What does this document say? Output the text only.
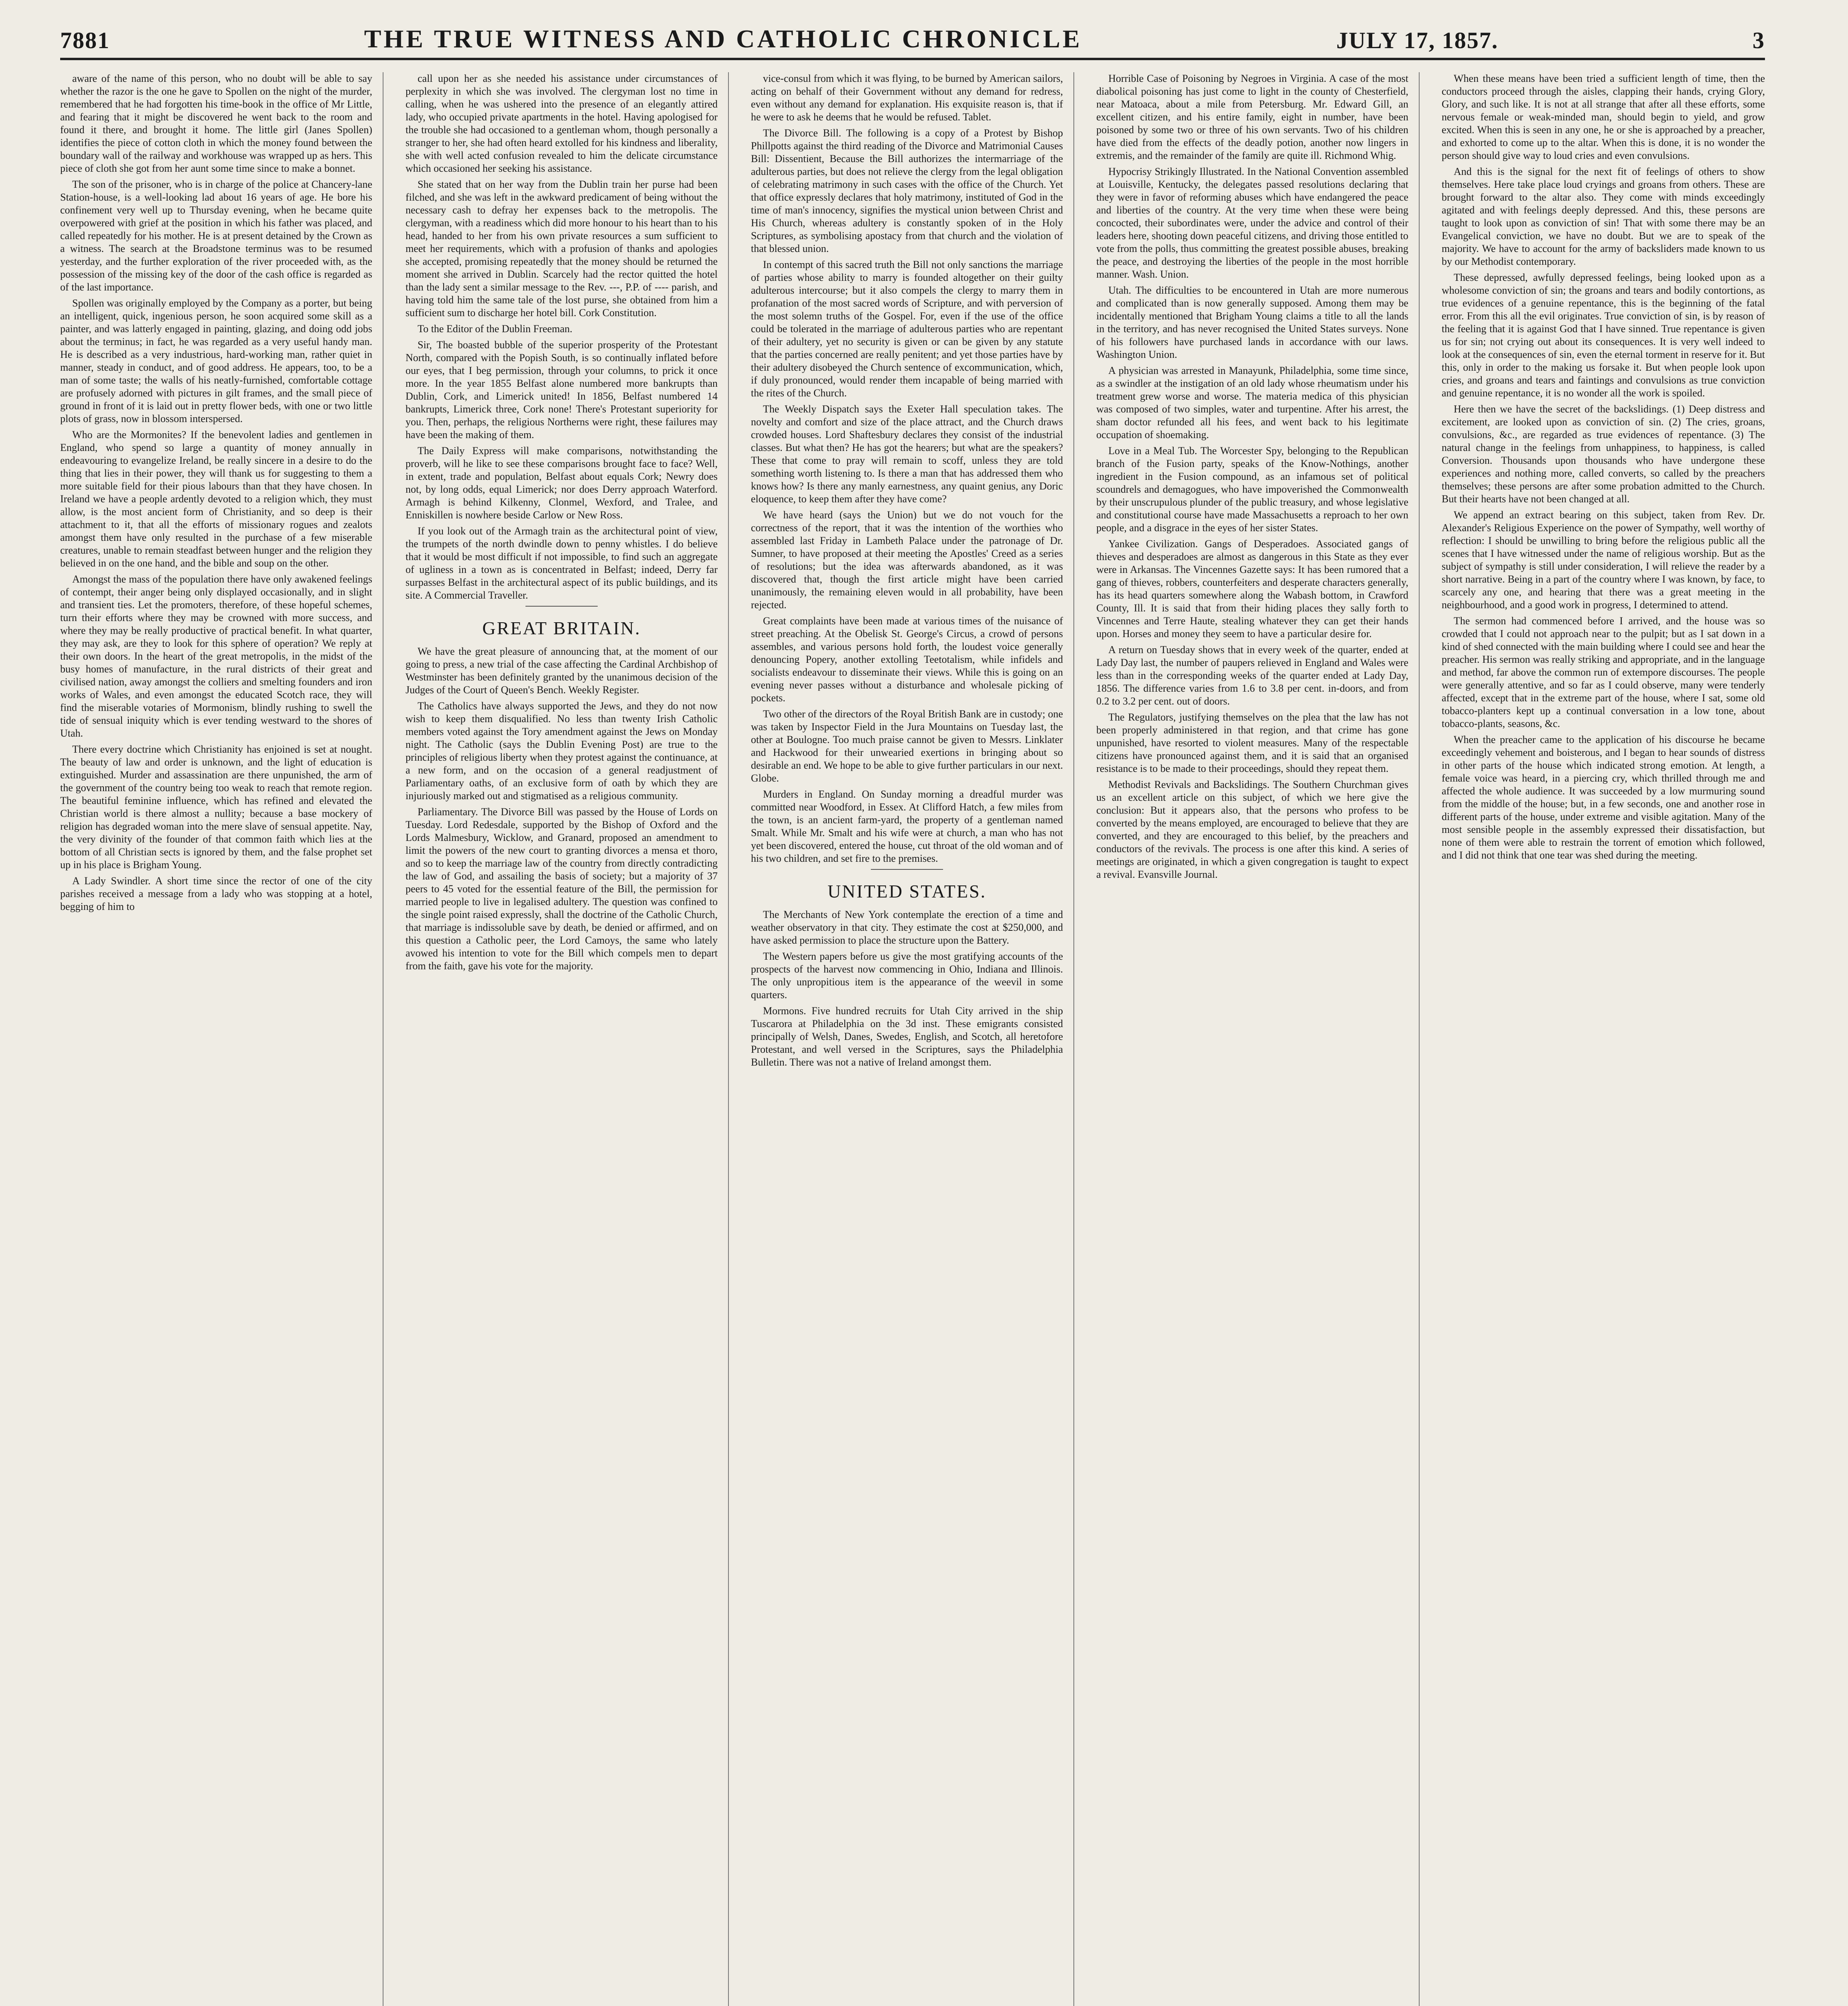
7881	THE TRUE WITNESS AND CATHOLIC CHRONICLE	JULY 17, 1857.	3

aware of the name of this person, who no doubt will be able to say whether the razor is the one he gave to Spollen on the night of the murder, remembered that he had forgotten his time-book in the office of Mr Little, and fearing that it might be discovered he went back to the room and found it there, and brought it home. The little girl (Janes Spollen) identifies the piece of cotton cloth in which the money found between the boundary wall of the railway and workhouse was wrapped up as hers. This piece of cloth she got from her aunt some time since to make a bonnet.

The son of the prisoner, who is in charge of the police at Chancery-lane Station-house, is a well-looking lad about 16 years of age. He bore his confinement very well up to Thursday evening, when he became quite overpowered with grief at the position in which his father was placed, and called repeatedly for his mother. He is at present detained by the Crown as a witness. The search at the Broadstone terminus was to be resumed yesterday, and the further exploration of the river proceeded with, as the possession of the missing key of the door of the cash office is regarded as of the last importance.

Spollen was originally employed by the Company as a porter, but being an intelligent, quick, ingenious person, he soon acquired some skill as a painter, and was latterly engaged in painting, glazing, and doing odd jobs about the terminus; in fact, he was regarded as a very useful handy man. He is described as a very industrious, hard-working man, rather quiet in manner, steady in conduct, and of good address. He appears, too, to be a man of some taste; the walls of his neatly-furnished, comfortable cottage are profusely adorned with pictures in gilt frames, and the small piece of ground in front of it is laid out in pretty flower beds, with one or two little plots of grass, now in blossom interspersed.

Who are the Mormonites? If the benevolent ladies and gentlemen in England, who spend so large a quantity of money annually in endeavouring to evangelize Ireland, be really sincere in a desire to do the thing that lies in their power, they will thank us for suggesting to them a more suitable field for their pious labours than that they have chosen. In Ireland we have a people ardently devoted to a religion which, they must allow, is the most ancient form of Christianity, and so deep is their attachment to it, that all the efforts of missionary rogues and zealots amongst them have only resulted in the purchase of a few miserable creatures, unable to remain steadfast between hunger and the religion they believed in on the one hand, and the bible and soup on the other.

Amongst the mass of the population there have only awakened feelings of contempt, their anger being only displayed occasionally, and in slight and transient ties. Let the promoters, therefore, of these hopeful schemes, turn their efforts where they may be crowned with more success, and where they may be really productive of practical benefit. In what quarter, they may ask, are they to look for this sphere of operation? We reply at their own doors. In the heart of the great metropolis, in the midst of the busy homes of manufacture, in the rural districts of their great and civilised nation, away amongst the colliers and smelting founders and iron works of Wales, and even amongst the educated Scotch race, they will find the miserable votaries of Mormonism, blindly rushing to swell the tide of sensual iniquity which is ever tending westward to the shores of Utah.

There every doctrine which Christianity has enjoined is set at nought. The beauty of law and order is unknown, and the light of education is extinguished. Murder and assassination are there unpunished, the arm of the government of the country being too weak to reach that remote region. The beautiful feminine influence, which has refined and elevated the Christian world is there almost a nullity; because a base mockery of religion has degraded woman into the mere slave of sensual appetite. Nay, the very divinity of the founder of that common faith which lies at the bottom of all Christian sects is ignored by them, and the false prophet set up in his place is Brigham Young.

A Lady Swindler. A short time since the rector of one of the city parishes received a message from a lady who was stopping at a hotel, begging of him to

call upon her as she needed his assistance under circumstances of perplexity in which she was involved. The clergyman lost no time in calling, when he was ushered into the presence of an elegantly attired lady, who occupied private apartments in the hotel. Having apologised for the trouble she had occasioned to a gentleman whom, though personally a stranger to her, she had often heard extolled for his kindness and liberality, she with well acted confusion revealed to him the delicate circumstance which occasioned her seeking his assistance.

She stated that on her way from the Dublin train her purse had been filched, and she was left in the awkward predicament of being without the necessary cash to defray her expenses back to the metropolis. The clergyman, with a readiness which did more honour to his heart than to his head, handed to her from his own private resources a sum sufficient to meet her requirements, which with a profusion of thanks and apologies she accepted, promising repeatedly that the money should be returned the moment she arrived in Dublin. Scarcely had the rector quitted the hotel than the lady sent a similar message to the Rev. ---, P.P. of ---- parish, and having told him the same tale of the lost purse, she obtained from him a sufficient sum to discharge her hotel bill. Cork Constitution.

To the Editor of the Dublin Freeman.

Sir, The boasted bubble of the superior prosperity of the Protestant North, compared with the Popish South, is so continually inflated before our eyes, that I beg permission, through your columns, to prick it once more. In the year 1855 Belfast alone numbered more bankrupts than Dublin, Cork, and Limerick united! In 1856, Belfast numbered 14 bankrupts, Limerick three, Cork none! There's Protestant superiority for you. Then, perhaps, the religious Northerns were right, these failures may have been the making of them.

The Daily Express will make comparisons, notwithstanding the proverb, will he like to see these comparisons brought face to face? Well, in extent, trade and population, Belfast about equals Cork; Newry does not, by long odds, equal Limerick; nor does Derry approach Waterford. Armagh is behind Kilkenny, Clonmel, Wexford, and Tralee, and Enniskillen is nowhere beside Carlow or New Ross.

If you look out of the Armagh train as the architectural point of view, the trumpets of the north dwindle down to penny whistles. I do believe that it would be most difficult if not impossible, to find such an aggregate of ugliness in a town as is concentrated in Belfast; indeed, Derry far surpasses Belfast in the architectural aspect of its public buildings, and its site. A Commercial Traveller.

GREAT BRITAIN.

We have the great pleasure of announcing that, at the moment of our going to press, a new trial of the case affecting the Cardinal Archbishop of Westminster has been definitely granted by the unanimous decision of the Judges of the Court of Queen's Bench. Weekly Register.

The Catholics have always supported the Jews, and they do not now wish to keep them disqualified. No less than twenty Irish Catholic members voted against the Tory amendment against the Jews on Monday night. The Catholic (says the Dublin Evening Post) are true to the principles of religious liberty when they protest against the continuance, at a new form, and on the occasion of a general readjustment of Parliamentary oaths, of an exclusive form of oath by which they are injuriously marked out and stigmatised as a religious community.

Parliamentary. The Divorce Bill was passed by the House of Lords on Tuesday. Lord Redesdale, supported by the Bishop of Oxford and the Lords Malmesbury, Wicklow, and Granard, proposed an amendment to limit the powers of the new court to granting divorces a mensa et thoro, and so to keep the marriage law of the country from directly contradicting the law of God, and assailing the basis of society; but a majority of 37 peers to 45 voted for the essential feature of the Bill, the permission for married people to live in legalised adultery. The question was confined to the single point raised expressly, shall the doctrine of the Catholic Church, that marriage is indissoluble save by death, be denied or affirmed, and on this question a Catholic peer, the Lord Camoys, the same who lately avowed his intention to vote for the Bill which compels men to depart from the faith, gave his vote for the majority.

vice-consul from which it was flying, to be burned by American sailors, acting on behalf of their Government without any demand for redress, even without any demand for explanation. His exquisite reason is, that if he were to ask he deems that he would be refused. Tablet.

The Divorce Bill. The following is a copy of a Protest by Bishop Phillpotts against the third reading of the Divorce and Matrimonial Causes Bill: Dissentient, Because the Bill authorizes the intermarriage of the adulterous parties, but does not relieve the clergy from the legal obligation of celebrating matrimony in such cases with the office of the Church. Yet that office expressly declares that holy matrimony, instituted of God in the time of man's innocency, signifies the mystical union between Christ and His Church, whereas adultery is constantly spoken of in the Holy Scriptures, as symbolising apostacy from that church and the violation of that blessed union.

In contempt of this sacred truth the Bill not only sanctions the marriage of parties whose ability to marry is founded altogether on their guilty adulterous intercourse; but it also compels the clergy to marry them in profanation of the most sacred words of Scripture, and with perversion of the most solemn truths of the Gospel. For, even if the use of the office could be tolerated in the marriage of adulterous parties who are repentant of their adultery, yet no security is given or can be given by any statute that the parties concerned are really penitent; and yet those parties have by their adultery disobeyed the Church sentence of excommunication, which, if duly pronounced, would render them incapable of being married with the rites of the Church.

The Weekly Dispatch says the Exeter Hall speculation takes. The novelty and comfort and size of the place attract, and the Church draws crowded houses. Lord Shaftesbury declares they consist of the industrial classes. But what then? He has got the hearers; but what are the speakers? These that come to pray will remain to scoff, unless they are told something worth listening to. Is there a man that has addressed them who knows how? Is there any manly earnestness, any quaint genius, any Doric eloquence, to keep them after they have come?

We have heard (says the Union) but we do not vouch for the correctness of the report, that it was the intention of the worthies who assembled last Friday in Lambeth Palace under the patronage of Dr. Sumner, to have proposed at their meeting the Apostles' Creed as a series of resolutions; but the idea was afterwards abandoned, as it was discovered that, though the first article might have been carried unanimously, the remaining eleven would in all probability, have been rejected.

Great complaints have been made at various times of the nuisance of street preaching. At the Obelisk St. George's Circus, a crowd of persons assembles, and various persons hold forth, the loudest voice generally denouncing Popery, another extolling Teetotalism, while infidels and socialists endeavour to disseminate their views. While this is going on an evening never passes without a disturbance and wholesale picking of pockets.

Two other of the directors of the Royal British Bank are in custody; one was taken by Inspector Field in the Jura Mountains on Tuesday last, the other at Boulogne. Too much praise cannot be given to Messrs. Linklater and Hackwood for their unwearied exertions in bringing about so desirable an end. We hope to be able to give further particulars in our next. Globe.

Murders in England. On Sunday morning a dreadful murder was committed near Woodford, in Essex. At Clifford Hatch, a few miles from the town, is an ancient farm-yard, the property of a gentleman named Smalt. While Mr. Smalt and his wife were at church, a man who has not yet been discovered, entered the house, cut throat of the old woman and of his two children, and set fire to the premises.

UNITED STATES.

The Merchants of New York contemplate the erection of a time and weather observatory in that city. They estimate the cost at $250,000, and have asked permission to place the structure upon the Battery.

The Western papers before us give the most gratifying accounts of the prospects of the harvest now commencing in Ohio, Indiana and Illinois. The only unpropitious item is the appearance of the weevil in some quarters.

Mormons. Five hundred recruits for Utah City arrived in the ship Tuscarora at Philadelphia on the 3d inst. These emigrants consisted principally of Welsh, Danes, Swedes, English, and Scotch, all heretofore Protestant, and well versed in the Scriptures, says the Philadelphia Bulletin. There was not a native of Ireland amongst them.

Horrible Case of Poisoning by Negroes in Virginia. A case of the most diabolical poisoning has just come to light in the county of Chesterfield, near Matoaca, about a mile from Petersburg. Mr. Edward Gill, an excellent citizen, and his entire family, eight in number, have been poisoned by some two or three of his own servants. Two of his children have died from the effects of the deadly potion, another now lingers in extremis, and the remainder of the family are quite ill. Richmond Whig.

Hypocrisy Strikingly Illustrated. In the National Convention assembled at Louisville, Kentucky, the delegates passed resolutions declaring that they were in favor of reforming abuses which have endangered the peace and liberties of the country. At the very time when these were being concocted, their subordinates were, under the advice and control of their leaders here, shooting down peaceful citizens, and driving those entitled to vote from the polls, thus committing the greatest possible abuses, breaking the peace, and destroying the liberties of the people in the most horrible manner. Wash. Union.

Utah. The difficulties to be encountered in Utah are more numerous and complicated than is now generally supposed. Among them may be incidentally mentioned that Brigham Young claims a title to all the lands in the territory, and has never recognised the United States surveys. None of his followers have purchased lands in accordance with our laws. Washington Union.

A physician was arrested in Manayunk, Philadelphia, some time since, as a swindler at the instigation of an old lady whose rheumatism under his treatment grew worse and worse. The materia medica of this physician was composed of two simples, water and turpentine. After his arrest, the sham doctor refunded all his fees, and went back to his legitimate occupation of shoemaking.

Love in a Meal Tub. The Worcester Spy, belonging to the Republican branch of the Fusion party, speaks of the Know-Nothings, another ingredient in the Fusion compound, as an infamous set of political scoundrels and demagogues, who have impoverished the Commonwealth by their unscrupulous plunder of the public treasury, and whose legislative and constitutional course have made Massachusetts a reproach to her own people, and a disgrace in the eyes of her sister States.

Yankee Civilization. Gangs of Desperadoes. Associated gangs of thieves and desperadoes are almost as dangerous in this State as they ever were in Arkansas. The Vincennes Gazette says: It has been rumored that a gang of thieves, robbers, counterfeiters and desperate characters generally, has its head quarters somewhere along the Wabash bottom, in Crawford County, Ill. It is said that from their hiding places they sally forth to Vincennes and Terre Haute, stealing whatever they can get their hands upon. Horses and money they seem to have a particular desire for.

A return on Tuesday shows that in every week of the quarter, ended at Lady Day last, the number of paupers relieved in England and Wales were less than in the corresponding weeks of the quarter ended at Lady Day, 1856. The difference varies from 1.6 to 3.8 per cent. in-doors, and from 0.2 to 3.2 per cent. out of doors.

The Regulators, justifying themselves on the plea that the law has not been properly administered in that region, and that crime has gone unpunished, have resorted to violent measures. Many of the respectable citizens have pronounced against them, and it is said that an organised resistance is to be made to their proceedings, should they repeat them.

Methodist Revivals and Backslidings. The Southern Churchman gives us an excellent article on this subject, of which we here give the conclusion: But it appears also, that the persons who profess to be converted by the means employed, are encouraged to believe that they are converted, and they are encouraged to this belief, by the preachers and conductors of the revivals. The process is one after this kind. A series of meetings are originated, in which a given congregation is taught to expect a revival. Evansville Journal.

When these means have been tried a sufficient length of time, then the conductors proceed through the aisles, clapping their hands, crying Glory, Glory, and such like. It is not at all strange that after all these efforts, some nervous female or weak-minded man, should begin to yield, and grow excited. When this is seen in any one, he or she is approached by a preacher, and exhorted to come up to the altar. When this is done, it is no wonder the person should give way to loud cries and even convulsions.

And this is the signal for the next fit of feelings of others to show themselves. Here take place loud cryings and groans from others. These are brought forward to the altar also. They come with minds exceedingly agitated and with feelings deeply depressed. And this, these persons are taught to look upon as conviction of sin! That with some there may be an Evangelical conviction, we have no doubt. But we are to speak of the majority. We have to account for the army of backsliders made known to us by our Methodist contemporary.

These depressed, awfully depressed feelings, being looked upon as a wholesome conviction of sin; the groans and tears and bodily contortions, as true evidences of a genuine repentance, this is the beginning of the fatal error. From this all the evil originates. True conviction of sin, is by reason of the feeling that it is against God that I have sinned. True repentance is given us for sin; not crying out about its consequences. It is very well indeed to look at the consequences of sin, even the eternal torment in reserve for it. But this, only in order to the making us forsake it. But when people look upon cries, and groans and tears and faintings and convulsions as true conviction and genuine repentance, it is no wonder all the work is spoiled.

Here then we have the secret of the backslidings. (1) Deep distress and excitement, are looked upon as conviction of sin. (2) The cries, groans, convulsions, &c., are regarded as true evidences of repentance. (3) The natural change in the feelings from unhappiness, to happiness, is called Conversion. Thousands upon thousands who have undergone these experiences and nothing more, called converts, so called by the preachers themselves; these persons are after some probation admitted to the Church. But their hearts have not been changed at all.

We append an extract bearing on this subject, taken from Rev. Dr. Alexander's Religious Experience on the power of Sympathy, well worthy of reflection: I should be unwilling to bring before the religious public all the scenes that I have witnessed under the name of religious worship. But as the subject of sympathy is still under consideration, I will relieve the reader by a short narrative. Being in a part of the country where I was known, by face, to scarcely any one, and hearing that there was a great meeting in the neighbourhood, and a good work in progress, I determined to attend.

The sermon had commenced before I arrived, and the house was so crowded that I could not approach near to the pulpit; but as I sat down in a kind of shed connected with the main building where I could see and hear the preacher. His sermon was really striking and appropriate, and in the language and method, far above the common run of extempore discourses. The people were generally attentive, and so far as I could observe, many were tenderly affected, except that in the extreme part of the house, where I sat, some old tobacco-planters kept up a continual conversation in a low tone, about tobacco-plants, seasons, &c.

When the preacher came to the application of his discourse he became exceedingly vehement and boisterous, and I began to hear sounds of distress in other parts of the house which indicated strong emotion. At length, a female voice was heard, in a piercing cry, which thrilled through me and affected the whole audience. It was succeeded by a low murmuring sound from the middle of the house; but, in a few seconds, one and another rose in different parts of the house, under extreme and visible agitation. Many of the most sensible people in the assembly expressed their dissatisfaction, but none of them were able to restrain the torrent of emotion which followed, and I did not think that one tear was shed during the meeting.
